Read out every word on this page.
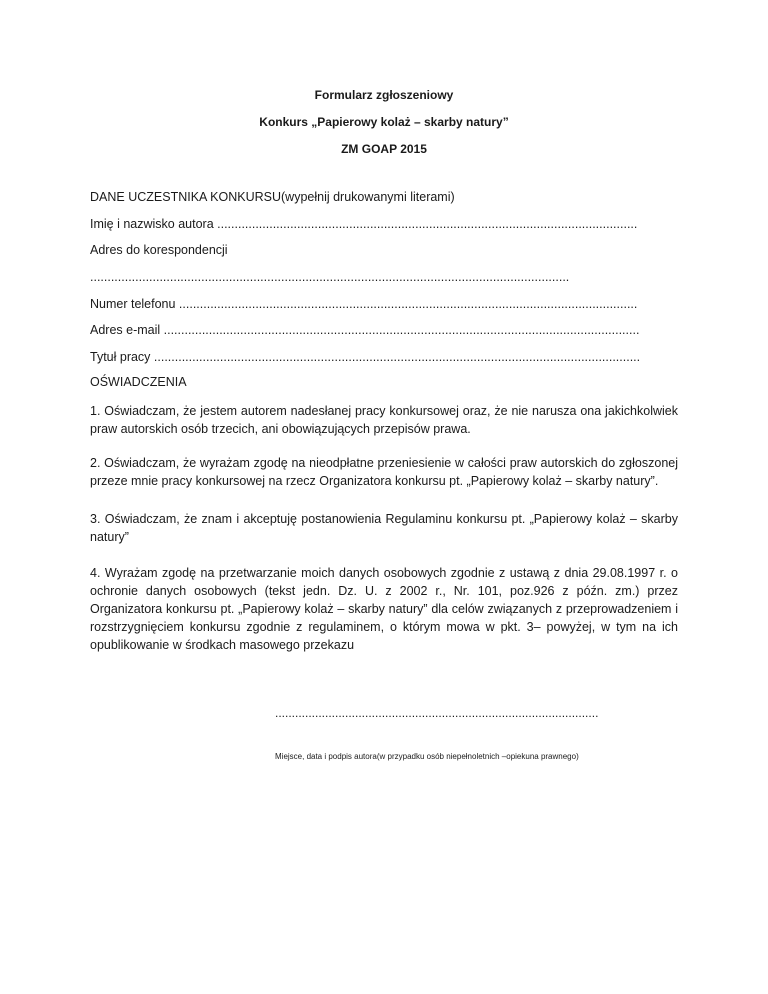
Formularz zgłoszeniowy
Konkurs „Papierowy kolaż – skarby natury”
ZM GOAP 2015
DANE UCZESTNIKA KONKURSU(wypełnij drukowanymi literami)
Imię i nazwisko autora .........................................................................................................................
Adres do korespondencji
..........................................................................................................................................
Numer telefonu ....................................................................................................................................
Adres e-mail .........................................................................................................................................
Tytuł pracy ............................................................................................................................................
OŚWIADCZENIA
1. Oświadczam, że jestem autorem nadesłanej pracy konkursowej oraz, że nie narusza ona jakichkolwiek praw autorskich osób trzecich, ani obowiązujących przepisów prawa.
2. Oświadczam, że wyrażam zgodę na nieodpłatne przeniesienie w całości praw autorskich do zgłoszonej przeze mnie pracy konkursowej na rzecz Organizatora konkursu pt. „Papierowy kolaż – skarby natury”.
3. Oświadczam, że znam i akceptuję postanowienia Regulaminu konkursu pt. „Papierowy kolaż – skarby natury”
4. Wyrażam zgodę na przetwarzanie moich danych osobowych zgodnie z ustawą z dnia 29.08.1997 r. o ochronie danych osobowych (tekst jedn. Dz. U. z 2002 r., Nr. 101, poz.926 z późn. zm.) przez Organizatora konkursu pt. „Papierowy kolaż – skarby natury” dla celów związanych z przeprowadzeniem i rozstrzygnięciem konkursu zgodnie z regulaminem, o którym mowa w pkt. 3– powyżej, w tym na ich opublikowanie w środkach masowego przekazu
.................................................................................................
Miejsce, data i podpis autora(w przypadku osób niepełnoletnich –opiekuna prawnego)
